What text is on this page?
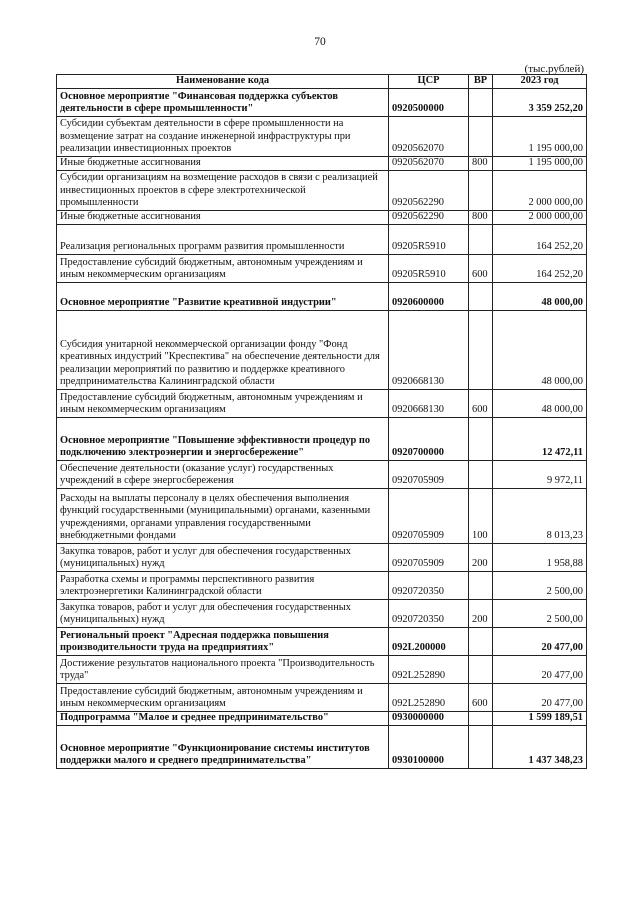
70
(тыс.рублей)
Наименование кода	ЦСР	ВР	2023 год
Основное мероприятие "Финансовая поддержка субъектов деятельности в сфере промышленности"	0920500000		3 359 252,20
Субсидии субъектам деятельности в сфере промышленности на возмещение затрат на создание инженерной инфраструктуры при реализации инвестиционных проектов	0920562070		1 195 000,00
Иные бюджетные ассигнования	0920562070	800	1 195 000,00
Субсидии организациям на возмещение расходов в связи с реализацией инвестиционных проектов в сфере электротехнической промышленности	0920562290		2 000 000,00
Иные бюджетные ассигнования	0920562290	800	2 000 000,00
Реализация региональных программ развития промышленности	09205R5910		164 252,20
Предоставление субсидий бюджетным, автономным учреждениям и иным некоммерческим организациям	09205R5910	600	164 252,20
Основное мероприятие "Развитие креативной индустрии"	0920600000		48 000,00
Субсидия унитарной некоммерческой организации фонду "Фонд креативных индустрий "Креспектива" на обеспечение деятельности для реализации мероприятий по развитию и поддержке креативного предпринимательства Калининградской области	0920668130		48 000,00
Предоставление субсидий бюджетным, автономным учреждениям и иным некоммерческим организациям	0920668130	600	48 000,00
Основное мероприятие "Повышение эффективности процедур по подключению электроэнергии и энергосбережение"	0920700000		12 472,11
Обеспечение деятельности (оказание услуг) государственных учреждений в сфере энергосбережения	0920705909		9 972,11
Расходы на выплаты персоналу в целях обеспечения выполнения функций государственными (муниципальными) органами, казенными учреждениями, органами управления государственными внебюджетными фондами	0920705909	100	8 013,23
Закупка товаров, работ и услуг для обеспечения государственных (муниципальных) нужд	0920705909	200	1 958,88
Разработка схемы и программы перспективного развития электроэнергетики Калининградской области	0920720350		2 500,00
Закупка товаров, работ и услуг для обеспечения государственных (муниципальных) нужд	0920720350	200	2 500,00
Региональный проект "Адресная поддержка повышения производительности труда на предприятиях"	092L200000		20 477,00
Достижение результатов национального проекта "Производительность труда"	092L252890		20 477,00
Предоставление субсидий бюджетным, автономным учреждениям и иным некоммерческим организациям	092L252890	600	20 477,00
Подпрограмма "Малое и среднее предпринимательство"	0930000000		1 599 189,51
Основное мероприятие "Функционирование системы институтов поддержки малого и среднего предпринимательства"	0930100000		1 437 348,23
